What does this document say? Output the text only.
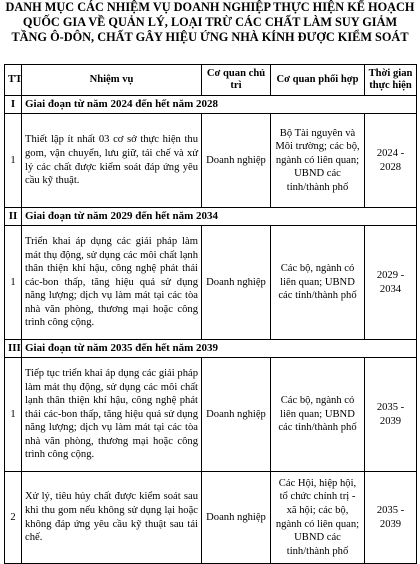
DANH MỤC CÁC NHIỆM VỤ DOANH NGHIỆP THỰC HIỆN KẾ HOẠCH QUỐC GIA VỀ QUẢN LÝ, LOẠI TRỪ CÁC CHẤT LÀM SUY GIẢM TẦNG Ô-DÔN, CHẤT GÂY HIỆU ỨNG NHÀ KÍNH ĐƯỢC KIỂM SOÁT
TT	Nhiệm vụ	Cơ quan chủ trì	Cơ quan phối hợp	Thời gian thực hiện
I	Giai đoạn từ năm 2024 đến hết năm 2028			
1	Thiết lập ít nhất 03 cơ sở thực hiện thu gom, vận chuyển, lưu giữ, tái chế và xử lý các chất được kiểm soát đáp ứng yêu cầu kỹ thuật.	Doanh nghiệp	Bộ Tài nguyên và Môi trường; các bộ, ngành có liên quan; UBND các tỉnh/thành phố	2024 - 2028
II	Giai đoạn từ năm 2029 đến hết năm 2034			
1	Triển khai áp dụng các giải pháp làm mát thụ động, sử dụng các môi chất lạnh thân thiện khí hậu, công nghệ phát thải các-bon thấp, tăng hiệu quả sử dụng năng lượng; dịch vụ làm mát tại các tòa nhà văn phòng, thương mại hoặc công trình công cộng.	Doanh nghiệp	Các bộ, ngành có liên quan; UBND các tỉnh/thành phố	2029 - 2034
III	Giai đoạn từ năm 2035 đến hết năm 2039			
1	Tiếp tục triển khai áp dụng các giải pháp làm mát thụ động, sử dụng các môi chất lạnh thân thiện khí hậu, công nghệ phát thải các-bon thấp, tăng hiệu quả sử dụng năng lượng; dịch vụ làm mát tại các tòa nhà văn phòng, thương mại hoặc công trình công cộng.	Doanh nghiệp	Các bộ, ngành có liên quan; UBND các tỉnh/thành phố	2035 - 2039
2	Xử lý, tiêu hủy chất được kiểm soát sau khi thu gom nếu không sử dụng lại hoặc không đáp ứng yêu cầu kỹ thuật sau tái chế.	Doanh nghiệp	Các Hội, hiệp hội, tổ chức chính trị - xã hội; các bộ, ngành có liên quan; UBND các tỉnh/thành phố	2035 - 2039
